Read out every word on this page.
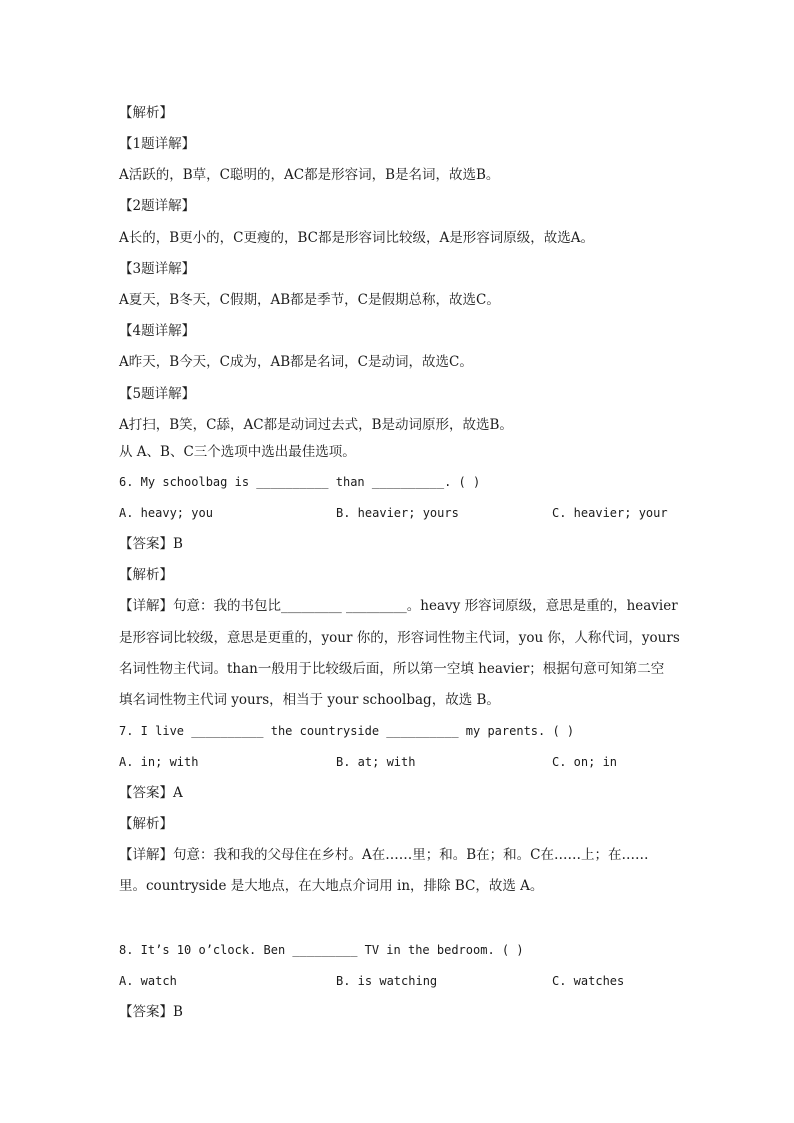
【解析】
【1题详解】
A活跃的，B草，C聪明的，AC都是形容词，B是名词，故选B。
【2题详解】
A长的，B更小的，C更瘦的，BC都是形容词比较级，A是形容词原级，故选A。
【3题详解】
A夏天，B冬天，C假期，AB都是季节，C是假期总称，故选C。
【4题详解】
A昨天，B今天，C成为，AB都是名词，C是动词，故选C。
【5题详解】
A打扫，B笑，C舔，AC都是动词过去式，B是动词原形，故选B。
从 A、B、C三个选项中选出最佳选项。
6. My schoolbag is __________ than __________. ( )
A. heavy; you	B. heavier; yours	C. heavier; your
【答案】B
【解析】
【详解】句意：我的书包比_________ _________。heavy 形容词原级，意思是重的，heavier
是形容词比较级，意思是更重的，your 你的，形容词性物主代词，you 你，人称代词，yours
名词性物主代词。than一般用于比较级后面，所以第一空填 heavier；根据句意可知第二空
填名词性物主代词 yours，相当于 your schoolbag，故选 B。
7. I live __________ the countryside __________ my parents. ( )
A. in; with	B. at; with	C. on; in
【答案】A
【解析】
【详解】句意：我和我的父母住在乡村。A在……里；和。B在；和。C在……上；在……
里。countryside 是大地点，在大地点介词用 in，排除 BC，故选 A。
8. It’s 10 o’clock. Ben _________ TV in the bedroom. ( )
A. watch	B. is watching	C. watches
【答案】B
